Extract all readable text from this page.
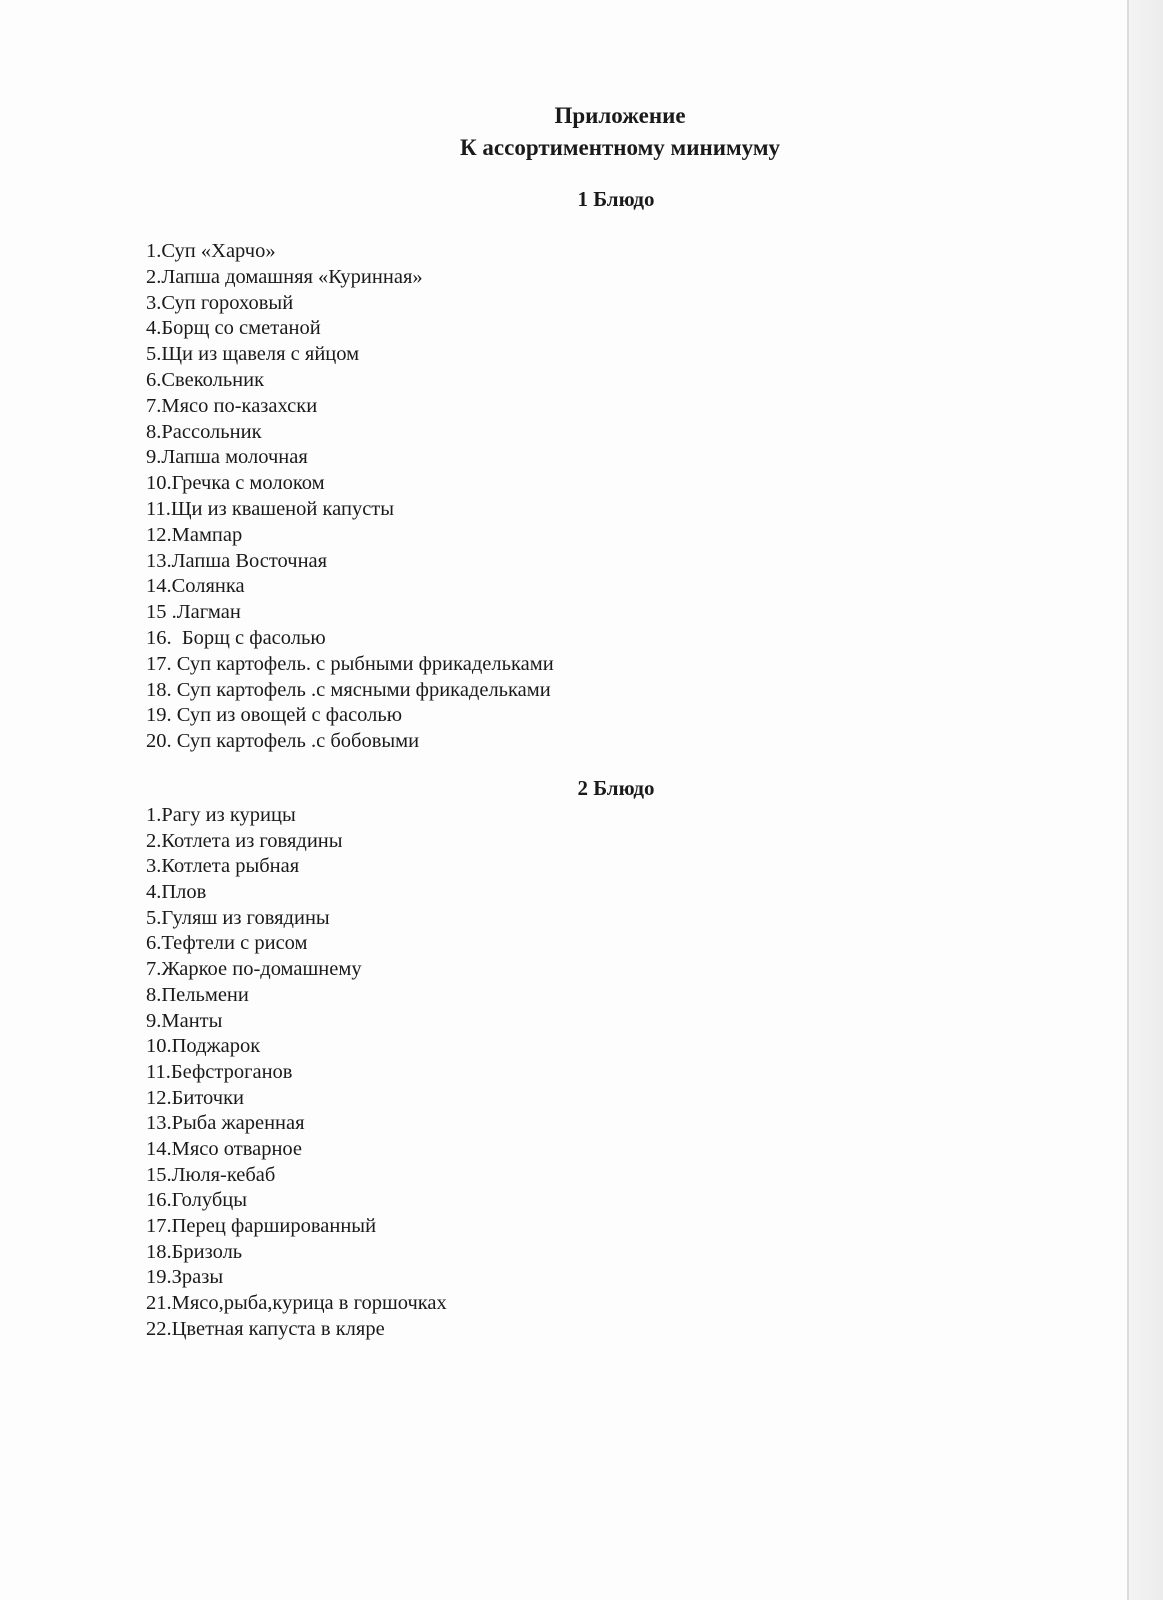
Приложение
К ассортиментному минимуму
1 Блюдо
1.Суп «Харчо»
2.Лапша домашняя «Куринная»
3.Суп гороховый
4.Борщ со сметаной
5.Щи из щавеля с яйцом
6.Свекольник
7.Мясо по-казахски
8.Рассольник
9.Лапша молочная
10.Гречка с молоком
11.Щи из квашеной капусты
12.Мампар
13.Лапша Восточная
14.Солянка
15 .Лагман
16.  Борщ с фасолью
17. Суп картофель. с рыбными фрикадельками
18. Суп картофель .с мясными фрикадельками
19. Суп из овощей с фасолью
20. Суп картофель .с бобовыми
2 Блюдо
1.Рагу из курицы
2.Котлета из говядины
3.Котлета рыбная
4.Плов
5.Гуляш из говядины
6.Тефтели с рисом
7.Жаркое по-домашнему
8.Пельмени
9.Манты
10.Поджарок
11.Бефстроганов
12.Биточки
13.Рыба жаренная
14.Мясо отварное
15.Люля-кебаб
16.Голубцы
17.Перец фаршированный
18.Бризоль
19.Зразы
21.Мясо,рыба,курица в горшочках
22.Цветная капуста в кляре
